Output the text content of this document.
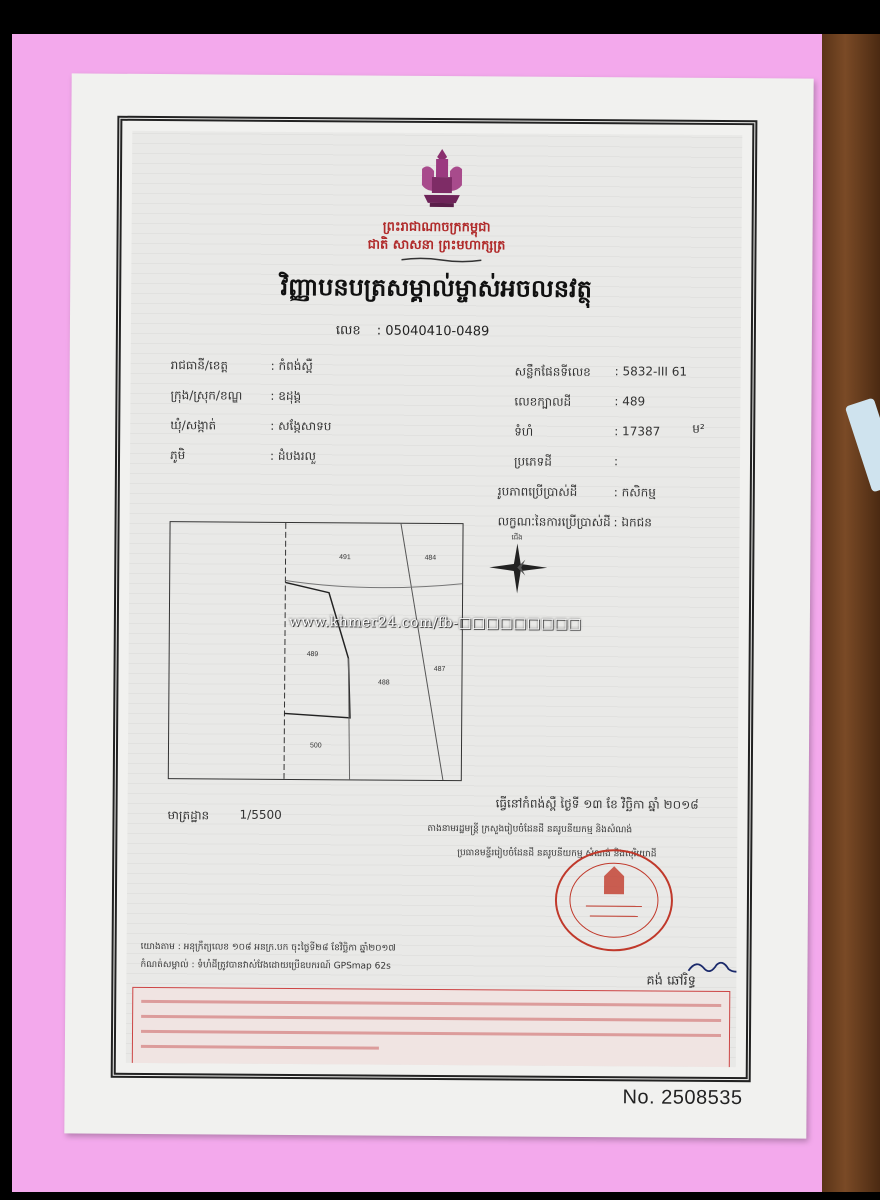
ព្រះរាជាណាចក្រកម្ពុជា
ជាតិ សាសនា ព្រះមហាក្សត្រ
វិញ្ញាបនបត្រសម្គាល់ម្ចាស់អចលនវត្ថុ
លេខ : 05040410-0489
រាជធានី/ខេត្ត	: កំពង់ស្ពឺ
ក្រុង/ស្រុក/ខណ្ឌ : ឧដុង្គ
ឃុំ/សង្កាត់	: សង្កែសាទប
ភូមិ	: ដំបងរលួ
សន្លឹកផែនទីលេខ : 5832-III 61
លេខក្បាលដី	: 489
ទំហំ	: 17387	ម²
ប្រភេទដី	:
រូបភាពប្រើប្រាស់ដី	: កសិកម្ម
លក្ខណៈនៃការប្រើប្រាស់ដី : ឯកជន
491	484
489
488
487
500
ជើង
www.khmer24.com/fb-□□□□□□□□□
មាត្រដ្ឋាន	1/5500
ធ្វើនៅកំពង់ស្ពឺ ថ្ងៃទី ១៣ ខែ វិច្ឆិកា ឆ្នាំ ២០១៨
តាងនាមរដ្ឋមន្ត្រី ក្រសួងរៀបចំដែនដី នគរូបនីយកម្ម និងសំណង់
ប្រធានមន្ទីររៀបចំដែនដី នគរូបនីយកម្ម សំណង់ និងសុរិយោដី
គង់ ឆៅរិទ្ធ
យោងតាម : អនុក្រឹត្យលេខ ១០៨ អនក្រ.បក ចុះថ្ងៃទី២៨ ខែវិច្ឆិកា ឆ្នាំ២០១៧
កំណត់សម្គាល់ : ទំហំដីត្រូវបានវាស់វែងដោយប្រើឧបករណ៍ GPSmap 62s
No. 2508535
